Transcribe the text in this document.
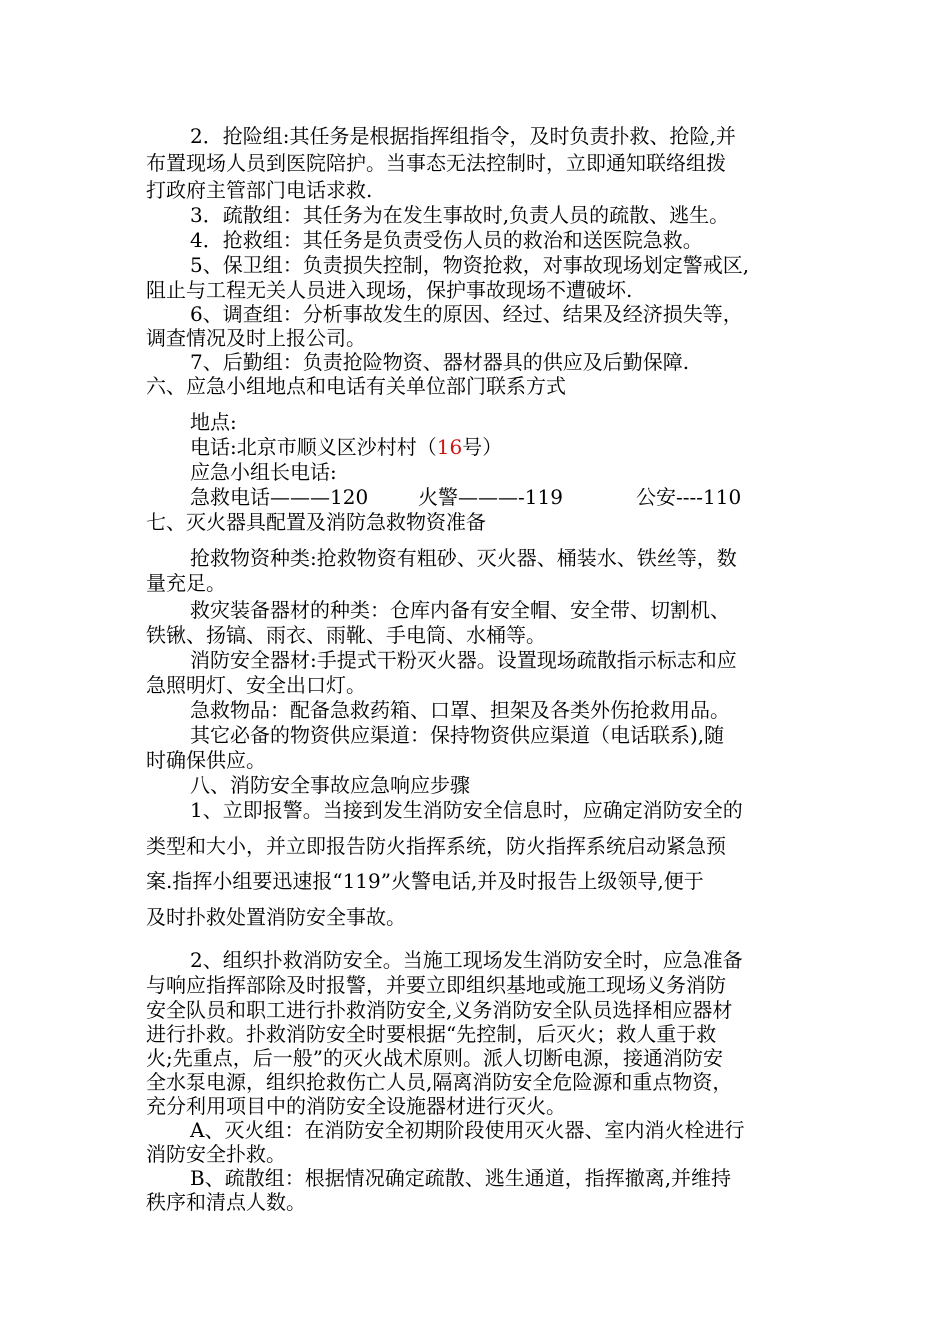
2．抢险组:其任务是根据指挥组指令，及时负责扑救、抢险,并
布置现场人员到医院陪护。当事态无法控制时，立即通知联络组拨
打政府主管部门电话求救.
3．疏散组：其任务为在发生事故时,负责人员的疏散、逃生。
4．抢救组：其任务是负责受伤人员的救治和送医院急救。
5、保卫组：负责损失控制，物资抢救，对事故现场划定警戒区,
阻止与工程无关人员进入现场，保护事故现场不遭破坏.
6、调查组：分析事故发生的原因、经过、结果及经济损失等，
调查情况及时上报公司。
7、后勤组：负责抢险物资、器材器具的供应及后勤保障.
六、应急小组地点和电话有关单位部门联系方式
地点:
电话:北京市顺义区沙村村（16号）
应急小组长电话:
急救电话———120 火警———-119	公安----110
七、灭火器具配置及消防急救物资准备
抢救物资种类:抢救物资有粗砂、灭火器、桶装水、铁丝等，数
量充足。
救灾装备器材的种类：仓库内备有安全帽、安全带、切割机、
铁锹、扬镐、雨衣、雨靴、手电筒、水桶等。
消防安全器材:手提式干粉灭火器。设置现场疏散指示标志和应
急照明灯、安全出口灯。
急救物品：配备急救药箱、口罩、担架及各类外伤抢救用品。
其它必备的物资供应渠道：保持物资供应渠道（电话联系),随
时确保供应。
八、消防安全事故应急响应步骤
1、立即报警。当接到发生消防安全信息时，应确定消防安全的
类型和大小，并立即报告防火指挥系统，防火指挥系统启动紧急预
案.指挥小组要迅速报“119”火警电话,并及时报告上级领导,便于
及时扑救处置消防安全事故。
2、组织扑救消防安全。当施工现场发生消防安全时，应急准备
与响应指挥部除及时报警，并要立即组织基地或施工现场义务消防
安全队员和职工进行扑救消防安全,义务消防安全队员选择相应器材
进行扑救。扑救消防安全时要根据“先控制，后灭火；救人重于救
火;先重点，后一般”的灭火战术原则。派人切断电源，接通消防安
全水泵电源，组织抢救伤亡人员,隔离消防安全危险源和重点物资，
充分利用项目中的消防安全设施器材进行灭火。
A、灭火组：在消防安全初期阶段使用灭火器、室内消火栓进行
消防安全扑救。
B、疏散组：根据情况确定疏散、逃生通道，指挥撤离,并维持
秩序和清点人数。
